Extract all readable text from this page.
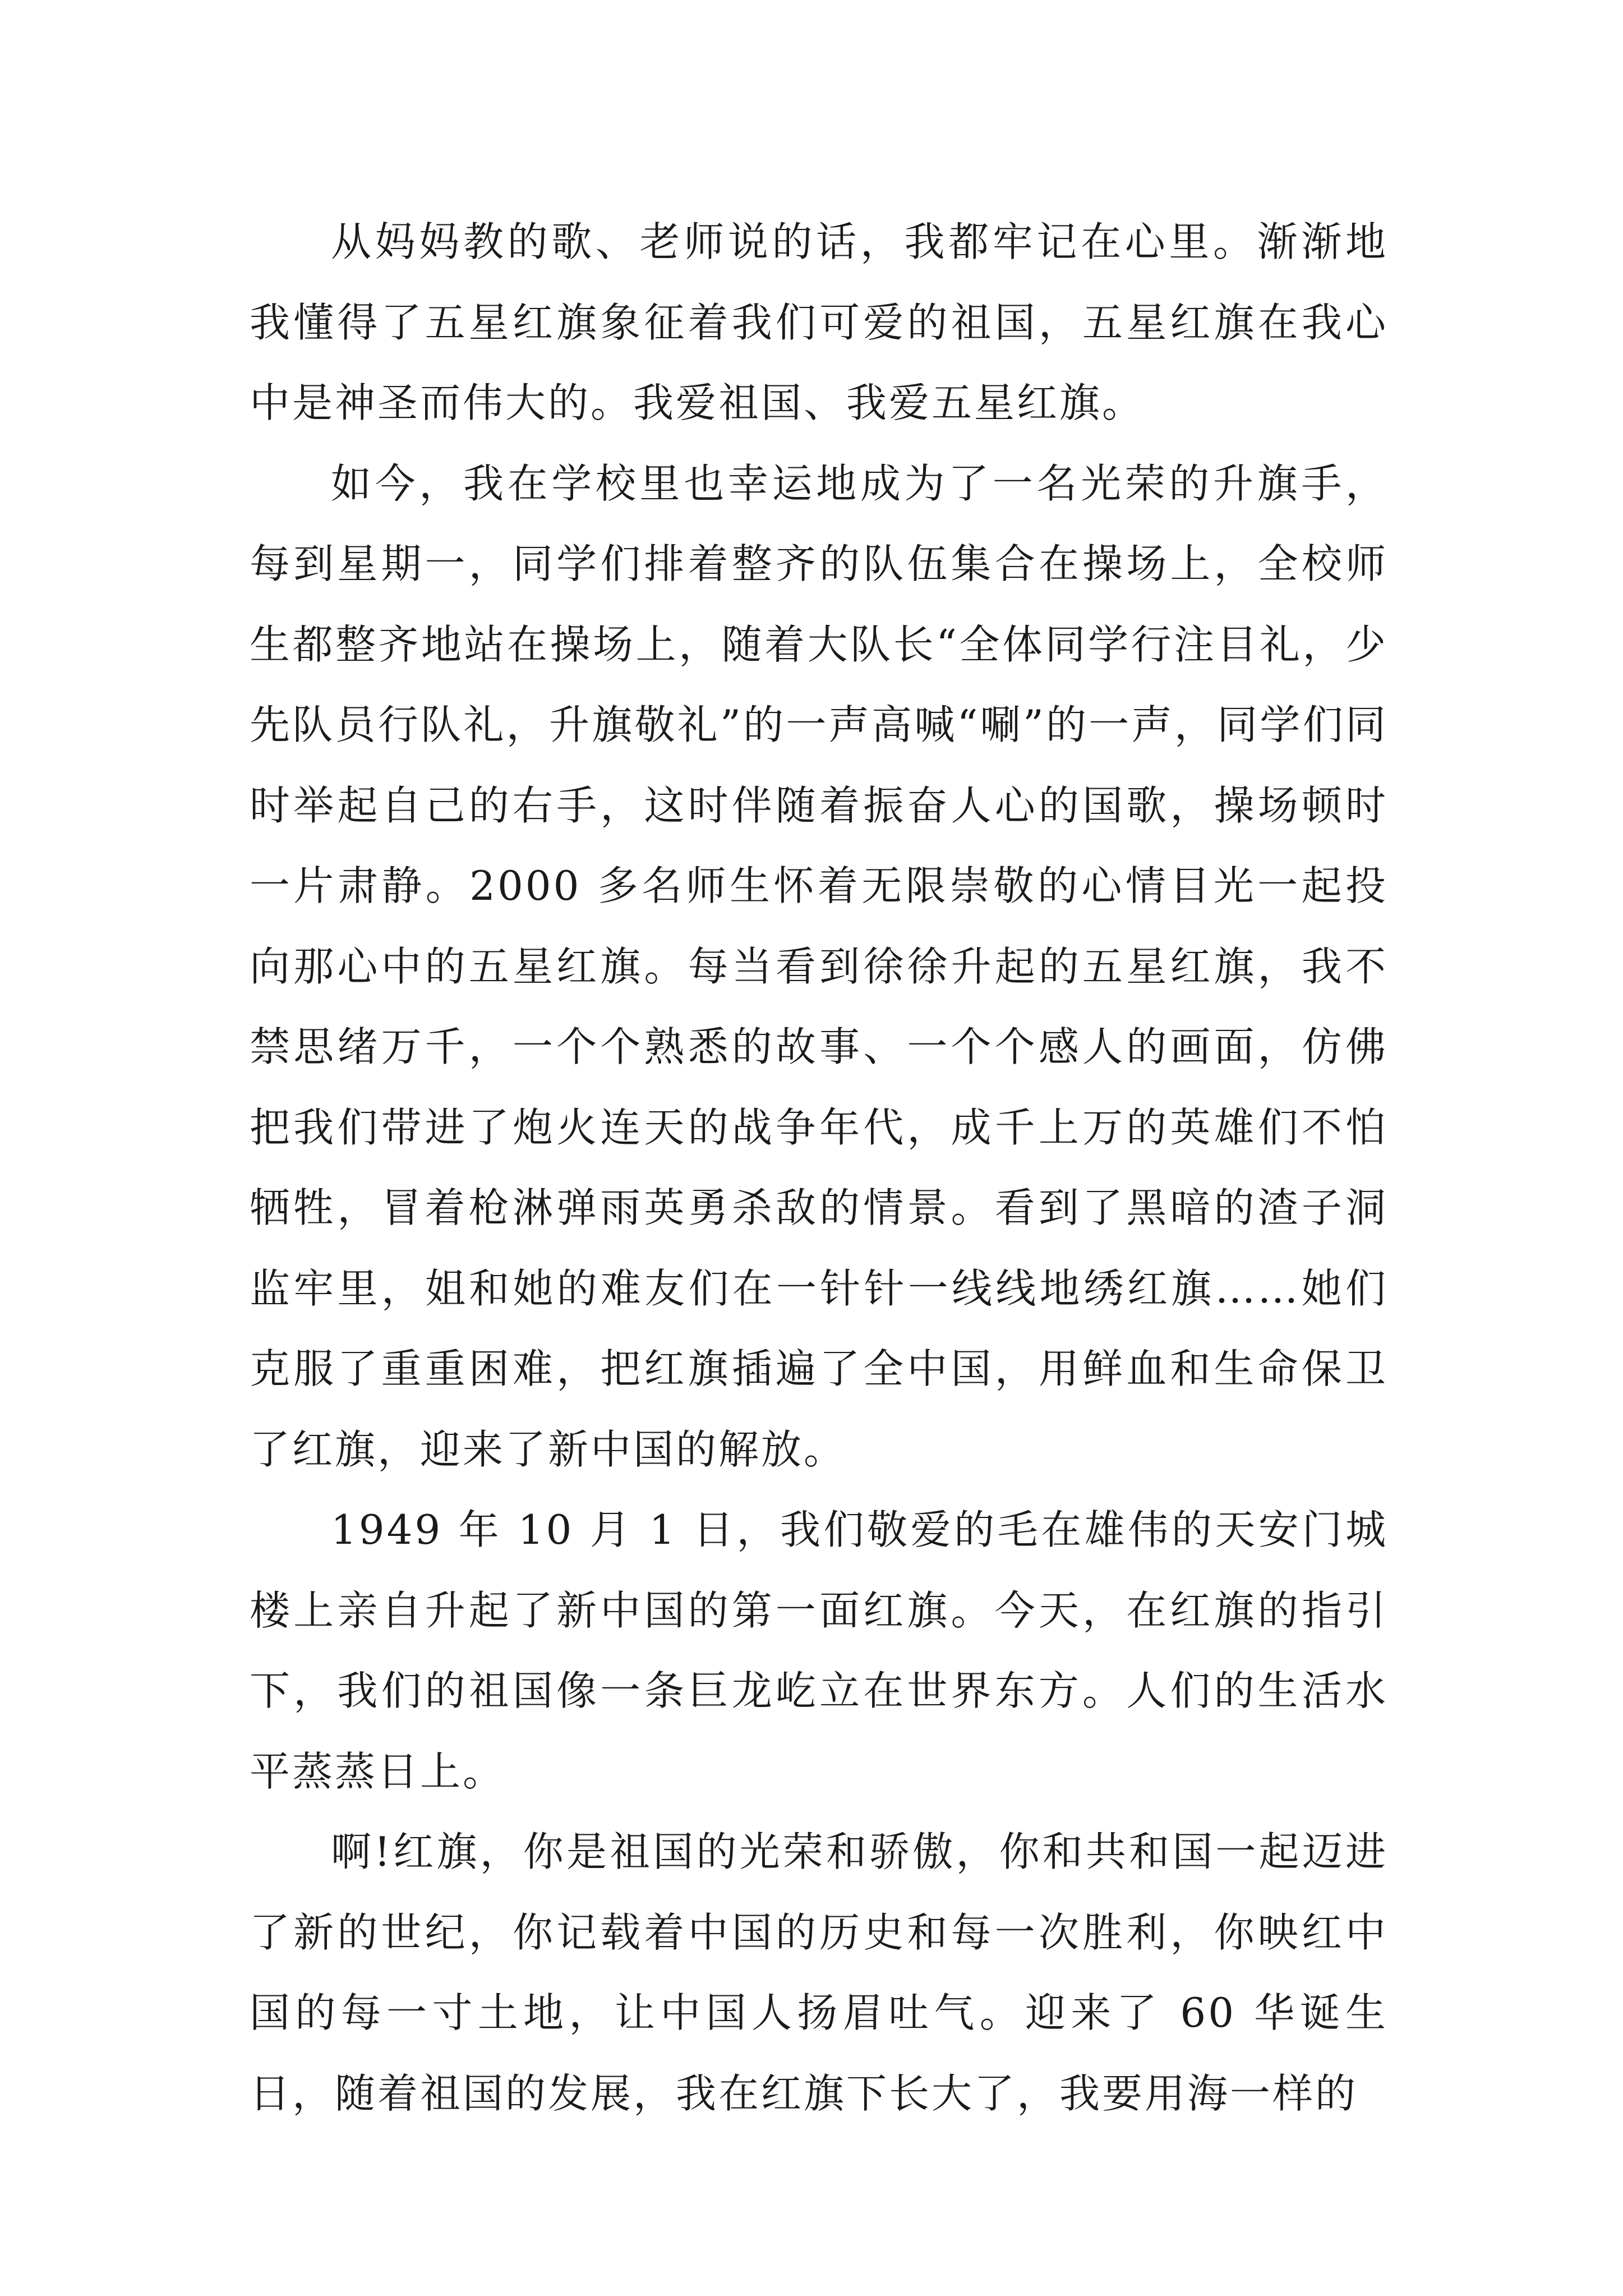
从妈妈教的歌、老师说的话，我都牢记在心里。渐渐地我懂得了五星红旗象征着我们可爱的祖国，五星红旗在我心中是神圣而伟大的。我爱祖国、我爱五星红旗。

如今，我在学校里也幸运地成为了一名光荣的升旗手，每到星期一，同学们排着整齐的队伍集合在操场上，全校师生都整齐地站在操场上，随着大队长“全体同学行注目礼，少先队员行队礼，升旗敬礼”的一声高喊“唰”的一声，同学们同时举起自己的右手，这时伴随着振奋人心的国歌，操场顿时一片肃静。2000 多名师生怀着无限崇敬的心情目光一起投向那心中的五星红旗。每当看到徐徐升起的五星红旗，我不禁思绪万千，一个个熟悉的故事、一个个感人的画面，仿佛把我们带进了炮火连天的战争年代，成千上万的英雄们不怕牺牲，冒着枪淋弹雨英勇杀敌的情景。看到了黑暗的渣子洞监牢里，姐和她的难友们在一针针一线线地绣红旗……她们克服了重重困难，把红旗插遍了全中国，用鲜血和生命保卫了红旗，迎来了新中国的解放。

1949 年 10 月 1 日，我们敬爱的毛在雄伟的天安门城楼上亲自升起了新中国的第一面红旗。今天，在红旗的指引下，我们的祖国像一条巨龙屹立在世界东方。人们的生活水平蒸蒸日上。

啊!红旗，你是祖国的光荣和骄傲，你和共和国一起迈进了新的世纪，你记载着中国的历史和每一次胜利，你映红中国的每一寸土地，让中国人扬眉吐气。迎来了 60 华诞生日，随着祖国的发展，我在红旗下长大了，我要用海一样的
